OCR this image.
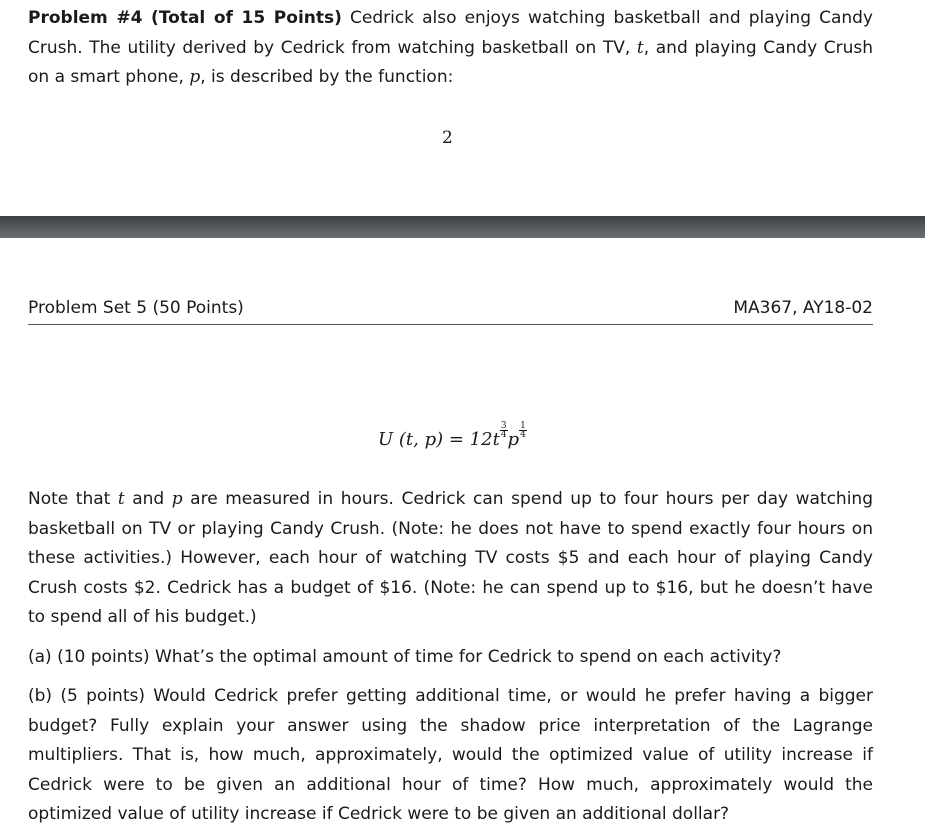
Problem #4 (Total of 15 Points) Cedrick also enjoys watching basketball and playing Candy Crush. The utility derived by Cedrick from watching basketball on TV, t, and playing Candy Crush on a smart phone, p, is described by the function:

2
Problem Set 5 (50 Points)	MA367, AY18-02
U (t, $p) = 12t \frac{3}{4}$ p $\frac{1}{4}$

Note that t and p are measured in hours. Cedrick can spend up to four hours per day watching basketball on TV or playing Candy Crush. (Note: he does not have to spend exactly four hours on these activities.) However, each hour of watching TV costs $5 and each hour of playing Candy Crush costs $2. Cedrick has a budget of $16. (Note: he can spend up to $16, but he doesn’t have to spend all of his budget.)

(a) (10 points) What’s the optimal amount of time for Cedrick to spend on each activity?

(b) (5 points) Would Cedrick prefer getting additional time, or would he prefer having a bigger budget? Fully explain your answer using the shadow price interpretation of the Lagrange multipliers. That is, how much, approximately, would the optimized value of utility increase if Cedrick were to be given an additional hour of time? How much, approximately would the optimized value of utility increase if Cedrick were to be given an additional dollar?
